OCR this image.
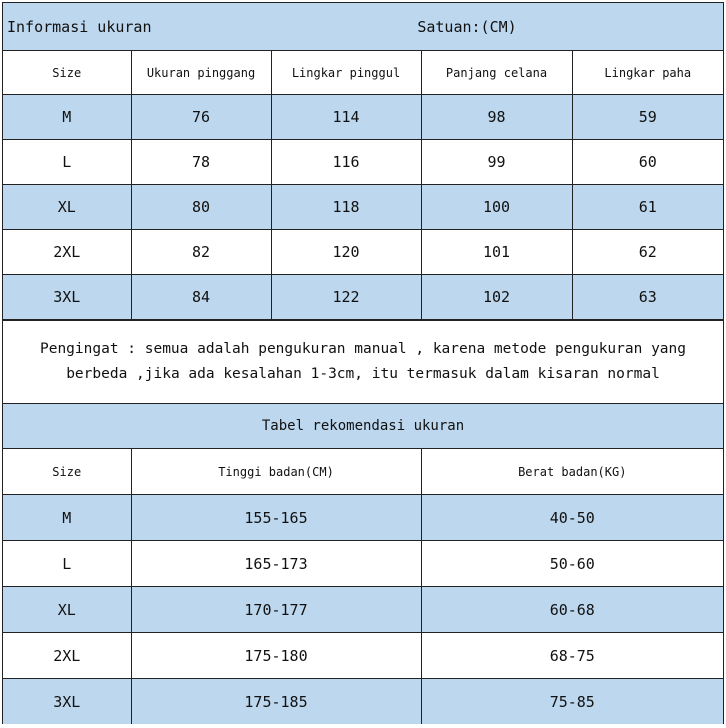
Informasi ukuran		Satuan:(CM)		
Size	Ukuran pinggang	Lingkar pinggul	Panjang celana	Lingkar paha
M	76	114	98	59
L	78	116	99	60
XL	80	118	100	61
2XL	82	120	101	62
3XL	84	122	102	63
Pengingat : semua adalah pengukuran manual , karena metode pengukuran yang
berbeda ,jika ada kesalahan 1-3cm, itu termasuk dalam kisaran normal
Tabel rekomendasi ukuran		
Size	Tinggi badan(CM)	Berat badan(KG)
M	155-165	40-50
L	165-173	50-60
XL	170-177	60-68
2XL	175-180	68-75
3XL	175-185	75-85
